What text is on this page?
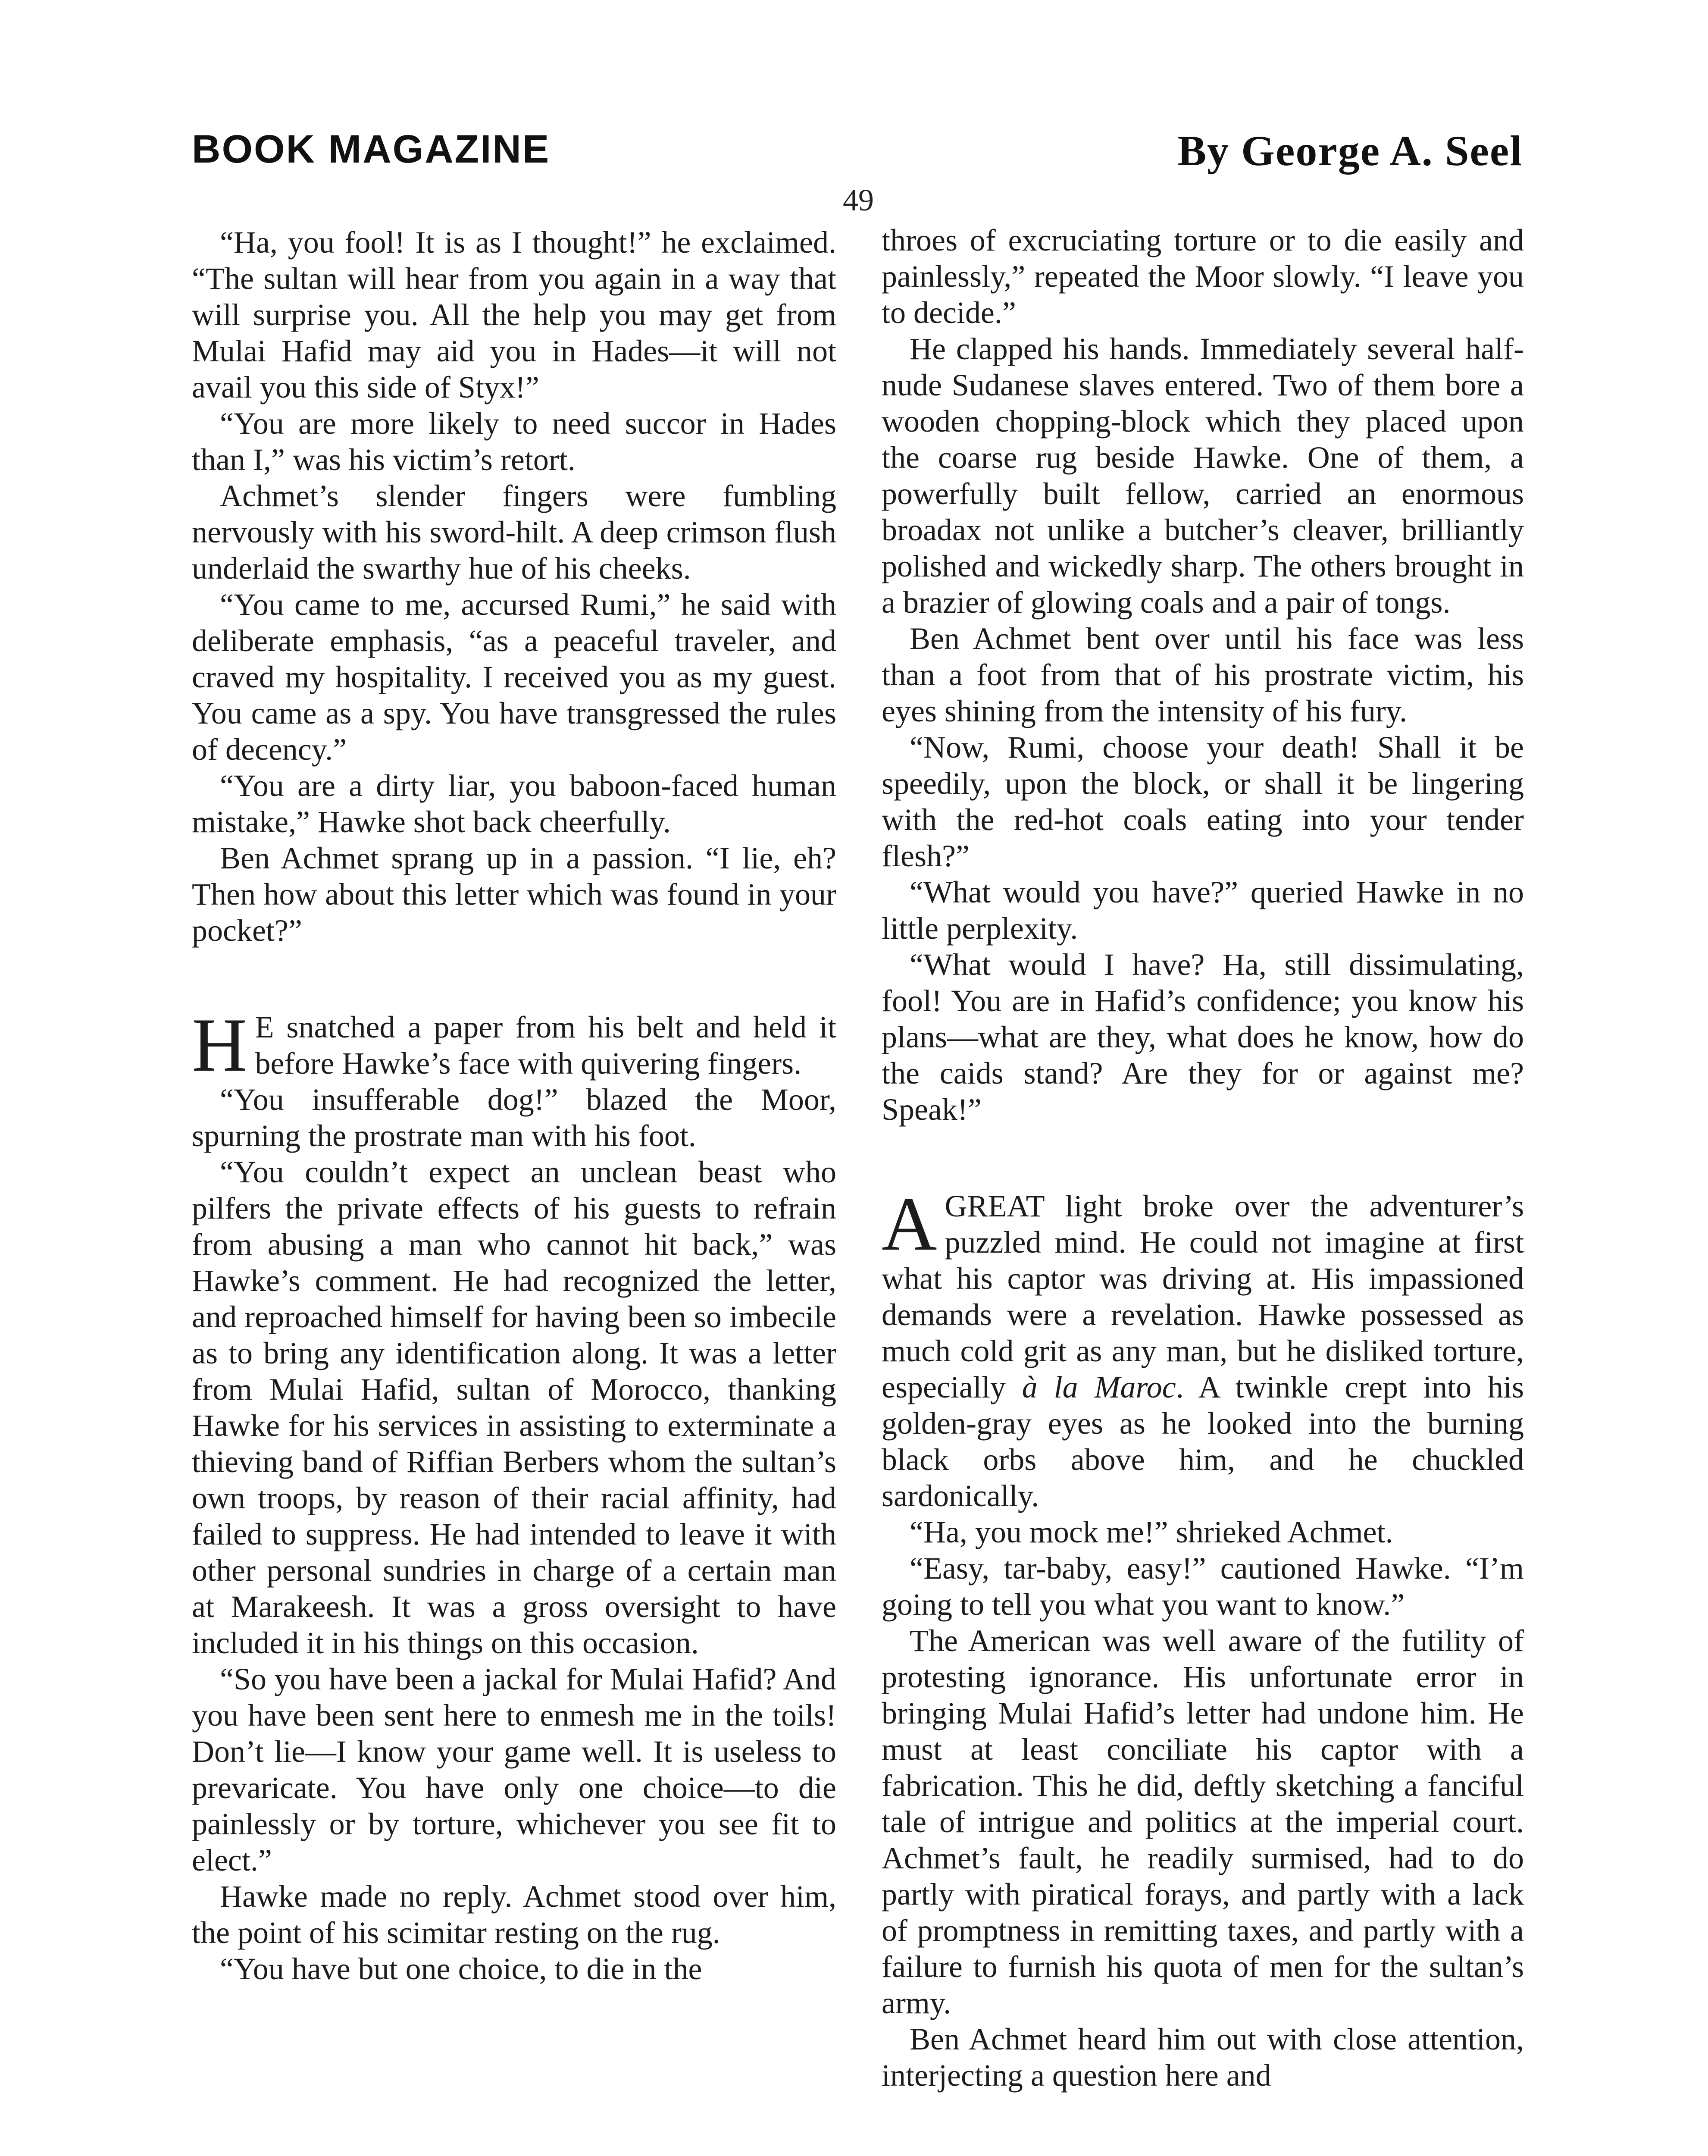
BOOK MAGAZINE	By George A. Seel
49

“Ha, you fool! It is as I thought!” he exclaimed. “The sultan will hear from you again in a way that will surprise you. All the help you may get from Mulai Hafid may aid you in Hades—it will not avail you this side of Styx!”

“You are more likely to need succor in Hades than I,” was his victim’s retort.

Achmet’s slender fingers were fumbling nervously with his sword-hilt. A deep crimson flush underlaid the swarthy hue of his cheeks.

“You came to me, accursed Rumi,” he said with deliberate emphasis, “as a peaceful traveler, and craved my hospitality. I received you as my guest. You came as a spy. You have transgressed the rules of decency.”

“You are a dirty liar, you baboon-faced human mistake,” Hawke shot back cheerfully.

Ben Achmet sprang up in a passion. “I lie, eh? Then how about this letter which was found in your pocket?”

H E snatched a paper from his belt and held it before Hawke’s face with quivering fingers.

“You insufferable dog!” blazed the Moor, spurning the prostrate man with his foot.

“You couldn’t expect an unclean beast who pilfers the private effects of his guests to refrain from abusing a man who cannot hit back,” was Hawke’s comment. He had recognized the letter, and reproached himself for having been so imbecile as to bring any identification along. It was a letter from Mulai Hafid, sultan of Morocco, thanking Hawke for his services in assisting to exterminate a thieving band of Riffian Berbers whom the sultan’s own troops, by reason of their racial affinity, had failed to suppress. He had intended to leave it with other personal sundries in charge of a certain man at Marakeesh. It was a gross oversight to have included it in his things on this occasion.

“So you have been a jackal for Mulai Hafid? And you have been sent here to enmesh me in the toils! Don’t lie—I know your game well. It is useless to prevaricate. You have only one choice—to die painlessly or by torture, whichever you see fit to elect.”

Hawke made no reply. Achmet stood over him, the point of his scimitar resting on the rug.

“You have but one choice, to die in the

throes of excruciating torture or to die easily and painlessly,” repeated the Moor slowly. “I leave you to decide.”

He clapped his hands. Immediately several half-nude Sudanese slaves entered. Two of them bore a wooden chopping-block which they placed upon the coarse rug beside Hawke. One of them, a powerfully built fellow, carried an enormous broadax not unlike a butcher’s cleaver, brilliantly polished and wickedly sharp. The others brought in a brazier of glowing coals and a pair of tongs.

Ben Achmet bent over until his face was less than a foot from that of his prostrate victim, his eyes shining from the intensity of his fury.

“Now, Rumi, choose your death! Shall it be speedily, upon the block, or shall it be lingering with the red-hot coals eating into your tender flesh?”

“What would you have?” queried Hawke in no little perplexity.

“What would I have? Ha, still dissimulating, fool! You are in Hafid’s confidence; you know his plans—what are they, what does he know, how do the caids stand? Are they for or against me? Speak!”

AGREAT light broke over the adventurer’s puzzled mind. He could not imagine at first what his captor was driving at. His impassioned demands were a revelation. Hawke possessed as much cold grit as any man, but he disliked torture, especially à la Maroc. A twinkle crept into his golden-gray eyes as he looked into the burning black orbs above him, and he chuckled sardonically.

“Ha, you mock me!” shrieked Achmet.

“Easy, tar-baby, easy!” cautioned Hawke. “I’m going to tell you what you want to know.”

The American was well aware of the futility of protesting ignorance. His unfortunate error in bringing Mulai Hafid’s letter had undone him. He must at least conciliate his captor with a fabrication. This he did, deftly sketching a fanciful tale of intrigue and politics at the imperial court. Achmet’s fault, he readily surmised, had to do partly with piratical forays, and partly with a lack of promptness in remitting taxes, and partly with a failure to furnish his quota of men for the sultan’s army.

Ben Achmet heard him out with close attention, interjecting a question here and
